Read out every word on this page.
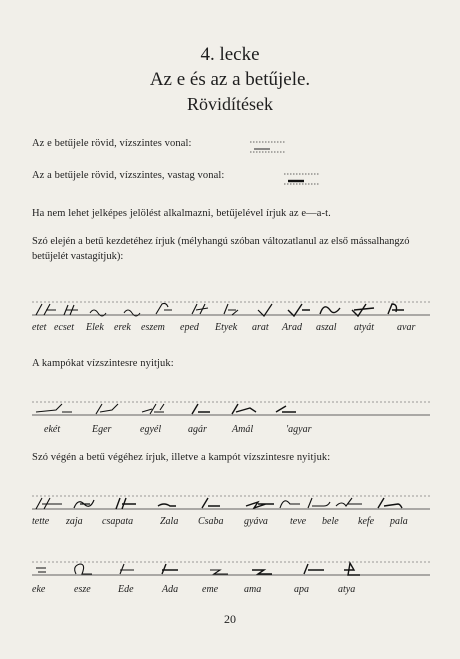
4. lecke
Az e és az a betűjele.
Rövidítések
Az e betűjele rövid, vízszintes vonal:
Az a betűjele rövid, vízszintes, vastag vonal:
Ha nem lehet jelképes jelölést alkalmazni, betűjelével írjuk az e—a-t.
Szó elején a betű kezdetéhez írjuk (mélyhangú szóban változatlanul az első mássalhangzó betűjelét vastagítjuk):
etet ecset Elek erek eszem eped Etyek arat Arad aszal atyát avar
A kampókat vízszintesre nyitjuk:
ekét	Eger	egyél	agár	Amál	'agyar
Szó végén a betű végéhez írjuk, illetve a kampót vízszintesre nyitjuk:
tette zaja csapata	Zala Csaba gyáva teve bele kefe pala
eke	esze	Ede	Ada eme	ama	apa	atya
20
